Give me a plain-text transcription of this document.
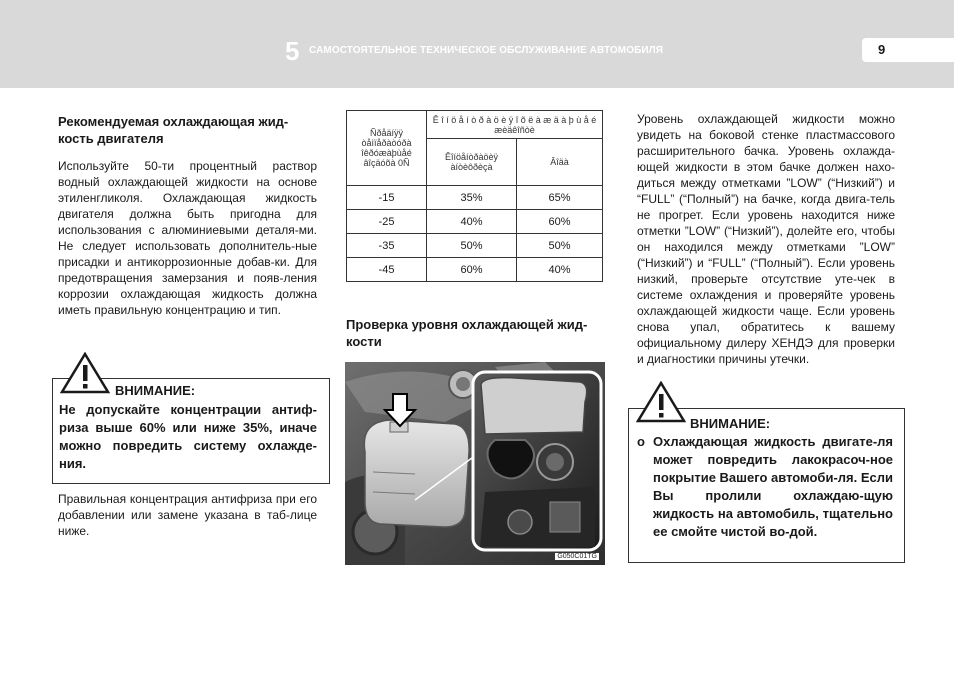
5 САМОСТОЯТЕЛЬНОЕ ТЕХНИЧЕСКОЕ ОБСЛУЖИВАНИЕ АВТОМОБИЛЯ	9
Рекомендуемая охлаждающая жид-
кость двигателя
Используйте 50-ти процентный раствор водный охлаждающей жидкости на основе этиленгликоля. Охлаждающая жидкость двигателя должна быть пригодна для использования с алюминиевыми деталя-ми. Не следует использовать дополнитель-ные присадки и антикоррозионные добав-ки. Для предотвращения замерзания и появ-ления коррозии охлаждающая жидкость должна иметь правильную концентрацию и тип.
ВНИМАНИЕ:
Не допускайте концентрации антиф-риза выше 60% или ниже 35%, иначе можно повредить систему охлажде-ния.
Правильная концентрация антифриза при его добавлении или замене указана в таб-лице ниже.
Ñðåäíÿÿ òåìïåðàòóðà îêðóæàþùåé âîçäóõà 0Ñ	Ê î í ö å í ò ð à ö è ÿ î õ ë à æ ä à þ ù å é æèäêîñòè	
	Êîíöåíòðàöèÿ àíòèôðèçà	Âîäà
-15	35%	65%
-25	40%	60%
-35	50%	50%
-45	60%	40%
Проверка уровня охлаждающей жид-
кости
G050C01TG
Уровень охлаждающей жидкости можно увидеть на боковой стенке пластмассового расширительного бачка. Уровень охлажда-ющей жидкости в этом бачке должен нахо-диться между отметками ”LOW” (“Низкий”) и “FULL” (“Полный”) на бачке, когда двига-тель не прогрет. Если уровень находится ниже отметки ”LOW” (“Низкий”), долейте его, чтобы он находился между отметками ”LOW” (“Низкий”) и “FULL” (“Полный”). Если уровень низкий, проверьте отсутствие уте-чек в системе охлаждения и проверяйте уровень охлаждающей жидкости чаще. Если уровень снова упал, обратитесь к вашему официальному дилеру ХЕНДЭ для проверки и диагностики причины утечки.
ВНИМАНИЕ:
o Охлаждающая жидкость двигате-ля может повредить лакокрасоч-ное покрытие Вашего автомоби-ля. Если Вы пролили охлаждаю-щую жидкость на автомобиль, тщательно ее смойте чистой во-дой.
